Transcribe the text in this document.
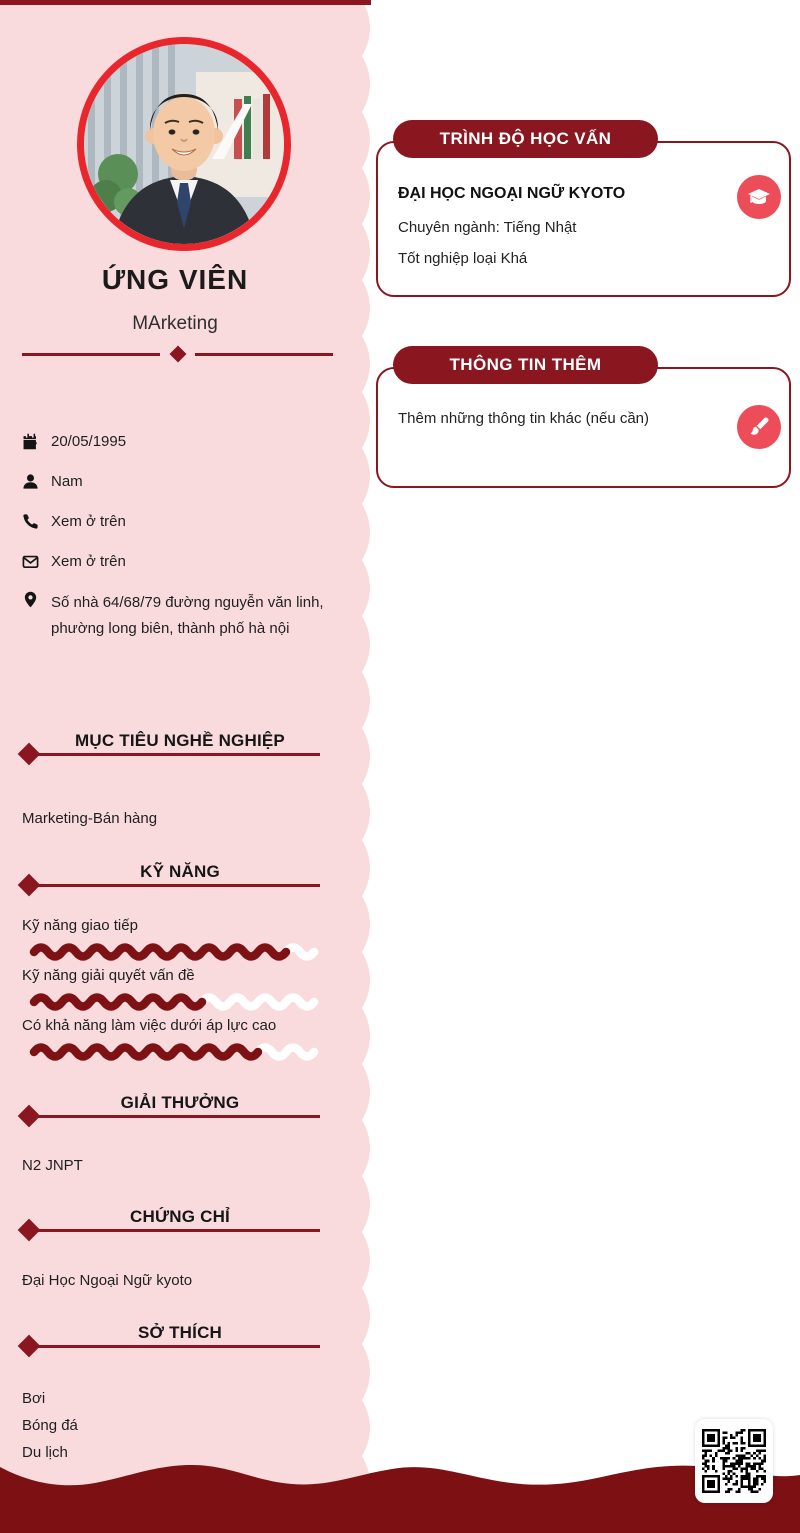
ỨNG VIÊN
MArketing
20/05/1995
Nam
Xem ở trên
Xem ở trên
Số nhà 64/68/79 đường nguyễn văn linh, phường long biên, thành phố hà nội
MỤC TIÊU NGHỀ NGHIỆP
Marketing-Bán hàng
KỸ NĂNG
Kỹ năng giao tiếp
Kỹ năng giải quyết vấn đề
Có khả năng làm việc dưới áp lực cao
GIẢI THƯỞNG
N2 JNPT
CHỨNG CHỈ
Đại Học Ngoại Ngữ kyoto
SỞ THÍCH
Bơi
Bóng đá
Du lịch
ĐẠI HỌC NGOẠI NGỮ KYOTO
Chuyên ngành: Tiếng Nhật
Tốt nghiệp loại Khá
TRÌNH ĐỘ HỌC VẤN
Thêm những thông tin khác (nếu cần)
THÔNG TIN THÊM
